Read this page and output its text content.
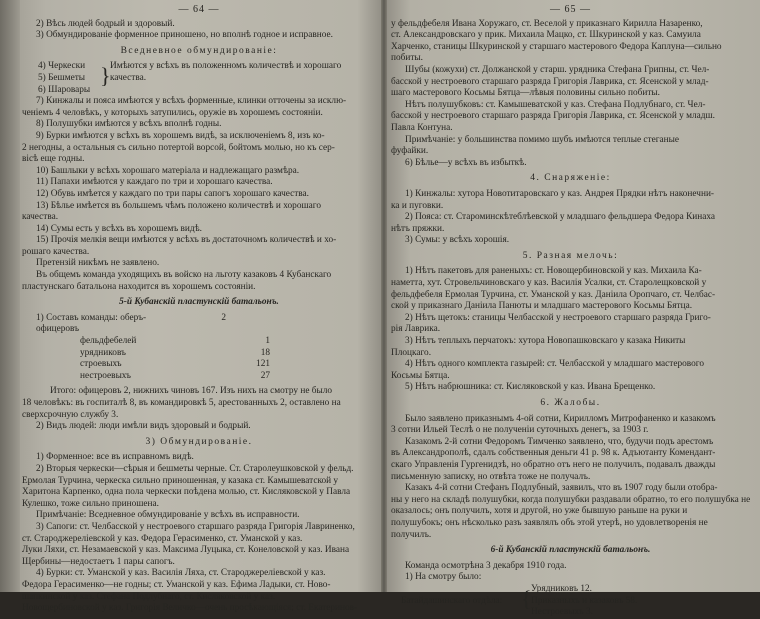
— 64 —
2) Вѣсь людей бодрый и здоровый.
3) Обмундированіе форменное приношено, но вполнѣ годное и исправное.
Вседневное обмундированіе:
4) Черкески
5) Бешметы
6) Шаровары
} Имѣются у всѣхъ въ положенномъ количествѣ и хорошаго
качества.
7) Кинжалы и пояса имѣются у всѣхъ форменные, клинки отточены за исклю-
ченіемъ 4 человѣкъ, у которыхъ затупились, оружіе въ хорошемъ состояніи.
8) Полушубки имѣются у всѣхъ вполнѣ годны.
9) Бурки имѣются у всѣхъ въ хорошемъ видѣ, за исключеніемъ 8, изъ ко-
2 негодны, а остальныя съ сильно потертой ворсой, бойтомъ молью, но къ сер-
вісѣ еще годны.
10) Башлыки у всѣхъ хорошаго матеріала и надлежащаго размѣра.
11) Папахи имѣются у каждаго по три и хорошаго качества.
12) Обувь имѣется у каждаго по три пары сапогъ хорошаго качества.
13) Бѣлье имѣется въ большемъ чѣмъ положено количествѣ и хорошаго
качества.
14) Сумы есть у всѣхъ въ хорошемъ видѣ.
15) Прочія мелкія вещи имѣются у всѣхъ въ достаточномъ количествѣ и хо-
рошаго качества.
Претензій никѣмъ не заявлено.
Въ общемъ команда уходящихъ въ войско на льготу казаковъ 4 Кубанскаго
пластунскаго батальона находится въ хорошемъ состояніи.
5-й Кубанскій пластунскій батальонъ.
1) Составъ команды: оберъ-офицеровъ
2
фельдфебелей	1
урядниковъ	18
строевыхъ	121
нестроевыхъ	27
Итого: офицеровъ 2, нижнихъ чиновъ 167. Изъ нихъ на смотру не было
18 человѣкъ: въ госпиталѣ 8, въ командировкѣ 5, арестованныхъ 2, оставлено на
сверхсрочную службу 3.
2) Видъ людей: люди имѣли видъ здоровый и бодрый.
3) Обмундированіе.
1) Форменное: все въ исправномъ видѣ.
2) Вторыя черкески—сѣрыя и бешметы черные. Ст. Старолеушковской у фельд.
Ермолая Турчина, черкеска сильно приношенная, у казака ст. Камышеватской у
Харитона Карпенко, одна пола черкески поѣдена молью, ст. Кисляковской у Павла
Кулешко, тоже сильно приношена.
Примѣчаніе: Вседневное обмундированіе у всѣхъ въ исправности.
3) Сапоги: ст. Челбасской у нестроевого старшаго разряда Григорія Лавриненко,
ст. Староджереліевской у каз. Федора Герасименко, ст. Уманской у каз.
Луки Ляхи, ст. Незамаевской у каз. Максима Луцыка, ст. Конеловской у каз. Ивана
Щербины—недостаетъ 1 пары сапогъ.
4) Бурки: ст. Уманской у каз. Василія Ляха, ст. Староджереліевской у каз.
Федора Герасименко—не годны; ст. Уманской у каз. Ефима Ладыки, ст. Ново-
шапкинской у каз. Стефана Подлубнаго, ст. Кисляковской у каз.
Новощербиновской у каз. Григорія Величко—очень просѣкающіяся; ст. Екатеринов-
— 65 —
у фельдфебеля Ивана Хоружаго, ст. Веселой у приказнаго Кирилла Назаренко,
ст. Александровскаго у прик. Михаила Мацко, ст. Шкуринской у каз. Самуила
Харченко, станицы Шкуринской у старшаго мастерового Федора Каплуна—сильно
побиты.
Шубы (кожухи) ст. Должанской у старш. урядника Стефана Грипны, ст. Чел-
басской у нестроевого старшаго разряда Григорія Лаврика, ст. Ясенской у млад-
шаго мастерового Косьмы Бятца—лѣвыя половины сильно побиты.
Нѣтъ полушубковъ: ст. Камышеватской у каз. Стефана Подлубнаго, ст. Чел-
басской у нестроевого старшаго разряда Григорія Лаврика, ст. Ясенской у младш.
Павла Контуна.
Примѣчаніе: у большинства помимо шубъ имѣются теплые стеганые
фуфайки.
6) Бѣлье—у всѣхъ въ избыткѣ.
4. Снаряженіе:
1) Кинжалы: хутора Новотитаровскаго у каз. Андрея Прядки нѣтъ наконечни-
ка и пуговки.
2) Пояса: ст. Староминскѣтеблѣевской у младшаго фельдшера Федора Кинаха
нѣтъ пряжки.
3) Сумы: у всѣхъ хорошія.
5. Разная мелочь:
1) Нѣтъ пакетовъ для раненыхъ: ст. Новощербиновской у каз. Михаила Ка-
наметта, хут. Стровельчиновскаго у каз. Василія Усалки, ст. Старолещковской у
фельдфебеля Ермолая Турчина, ст. Уманской у каз. Даніила Оропчаго, ст. Челбас-
ской у приказнаго Даніила Панюты и младшаго мастерового Косьмы Бятца.
2) Нѣтъ щетокъ: станицы Челбасской у нестроевого старшаго разряда Григо-
рія Лаврика.
3) Нѣтъ теплыхъ перчатокъ: хутора Новопашковскаго у казака Никиты
Плоцкаго.
4) Нѣтъ одного комплекта газырей: ст. Челбасской у младшаго мастерового
Косьмы Бятца.
5) Нѣтъ набрюшника: ст. Кисляковской у каз. Ивана Брещенко.
6. Жалобы.
Было заявлено приказнымъ 4-ой сотни, Кирилломъ Митрофаненко и казакомъ
3 сотни Ильей Теслѣ о не полученіи суточныхъ денегъ, за 1903 г.
Казакомъ 2-й сотни Федоромъ Тимченко заявлено, что, будучи подъ арестомъ
въ Александрополѣ, сдалъ собственныя деньги 41 р. 98 к. Адъютанту Комендант-
скаго Управленія Гургенидзѣ, но обратно отъ него не получилъ, подавалъ дважды
письменную записку, но отвѣта тоже не получалъ.
Казакъ 4-й сотни Стефанъ Подлубный, заявилъ, что въ 1907 году были отобра-
ны у него на складѣ полушубки, когда полушубки раздавали обратно, то его полушубка не
оказалось; онъ получилъ, хотя и другой, но уже бывшую раньше на руки и
полушубокъ; онъ нѣсколько разъ заявлялъ объ этой утерѣ, но удовлетворенія не
получилъ.
6-й Кубанскій пластунскій батальонъ.
Команда осмотрѣна 3 декабря 1910 года.
1) На смотру было:
Батайдашинскаго отдѣла: { Урядниковъ 12.
Приказныхъ и казаковъ 58.
Нестроевыхъ 3.
